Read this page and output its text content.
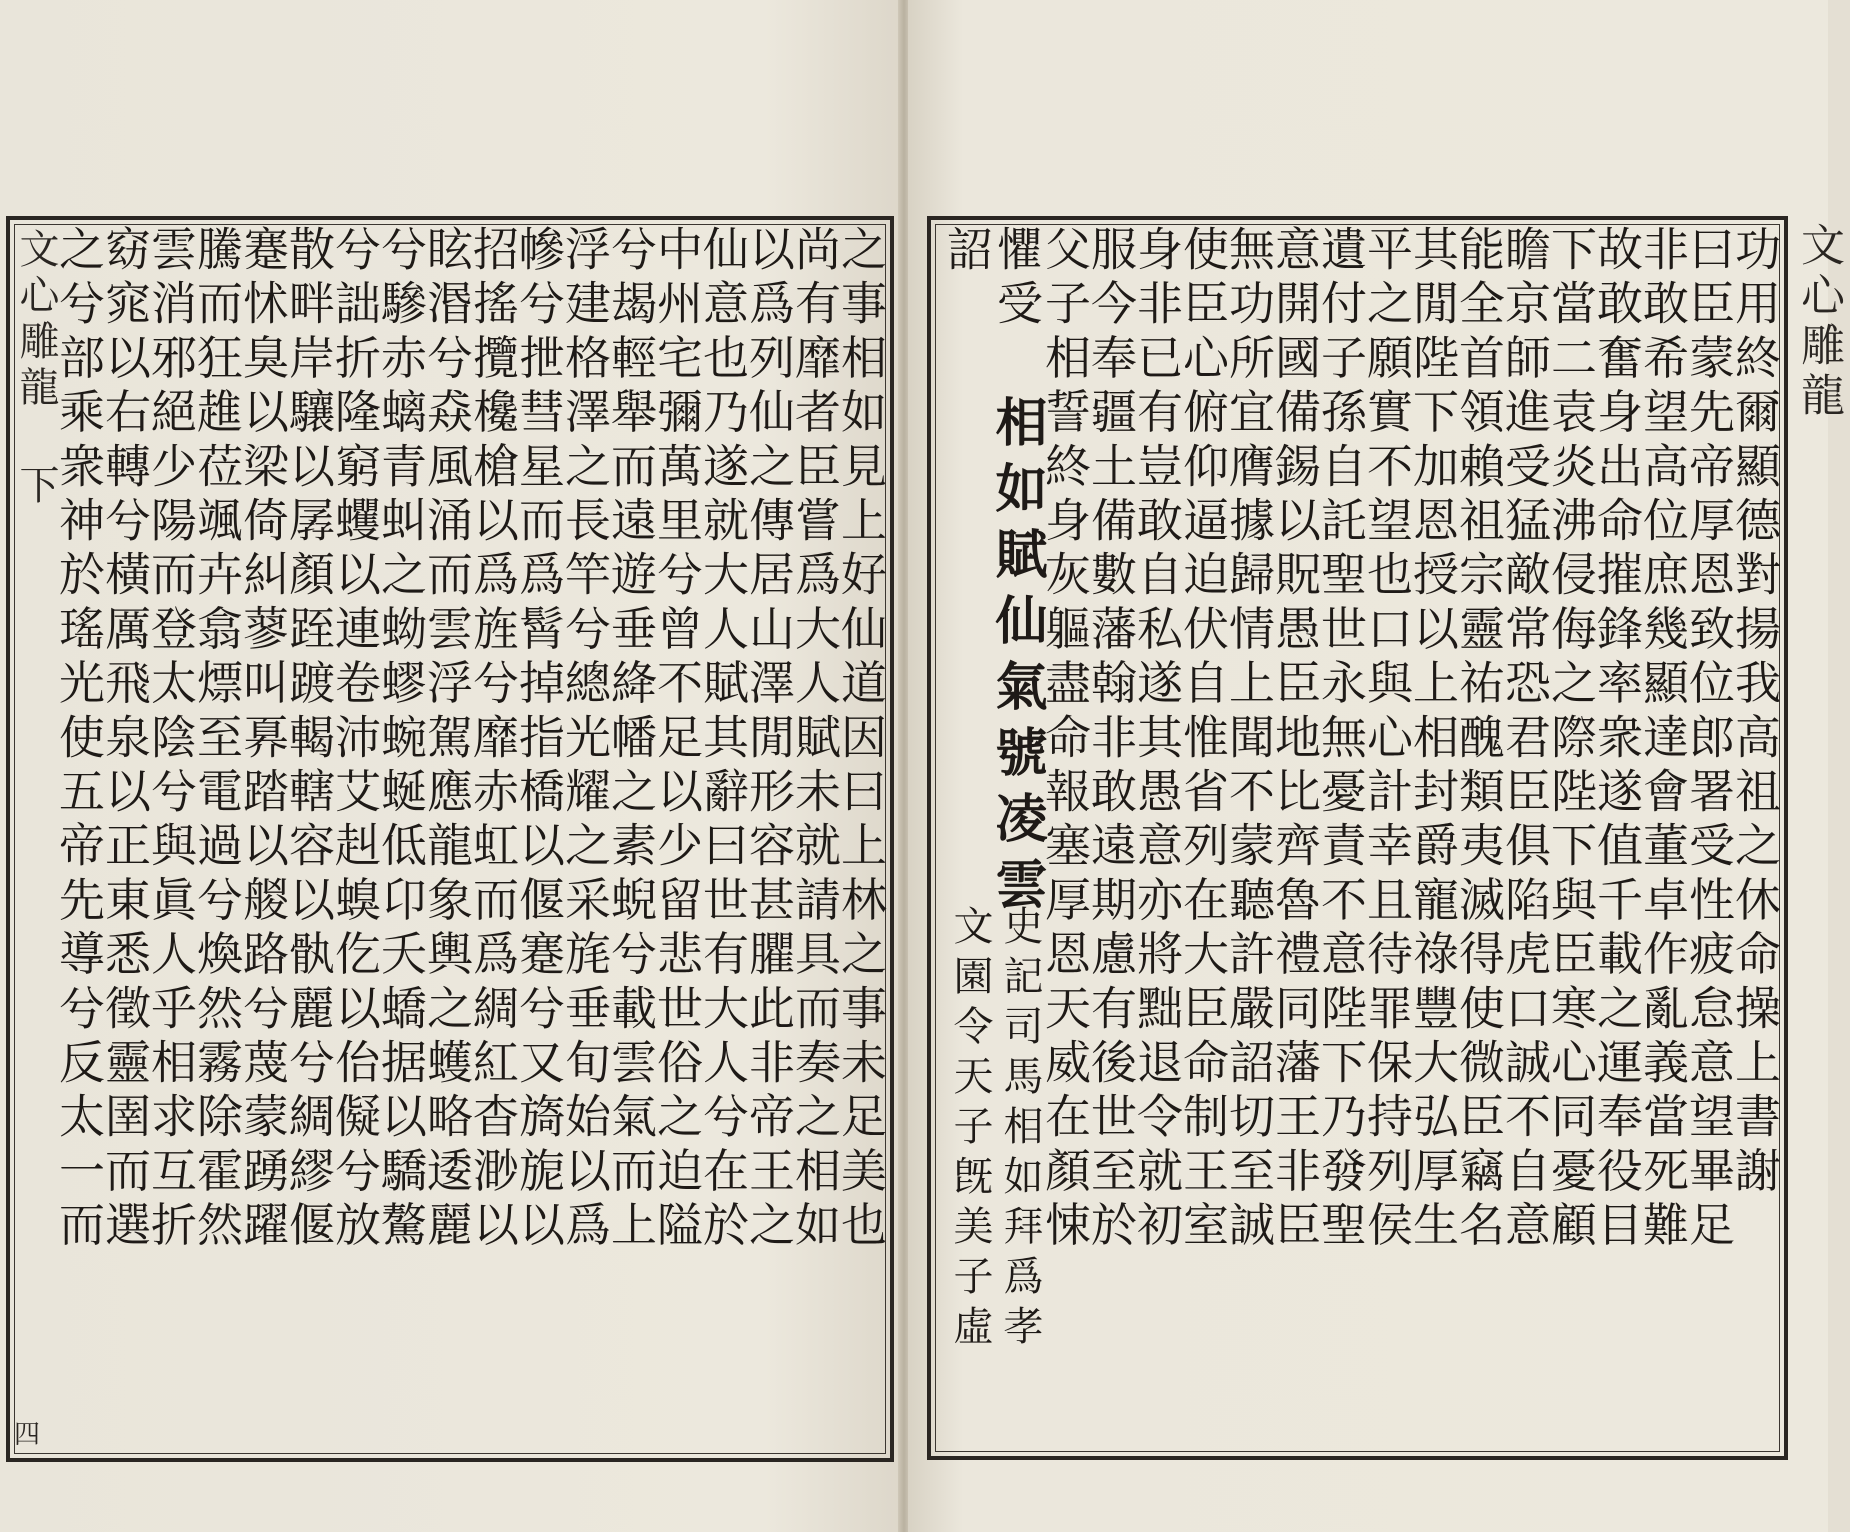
之事相如見上好仙道因曰上林之事未足美也
尚有靡者臣嘗爲大人賦未就請具而奏之相如
以爲列仙之傳居山澤閒形容甚臞此非帝王之
仙意也乃遂就大人賦其辭曰世有大人兮在於
中州宅彌萬里兮曾不足以少留悲世俗之迫隘
兮朅輕舉而遠遊垂絳幡之素蜺兮載雲氣而上
浮建格澤之長竿兮總光耀之采旄垂旬始以爲
幓兮抴彗星而爲髾掉指橋以偃蹇兮又旖旎以
招搖攬欃槍以爲旌兮靡赤虹而爲綢紅杳渺以
眩湣兮猋風涌而雲浮駕應龍象輿之蠖略逶麗
兮驂赤螭青虯之蚴蟉蜿蜒低卬夭蟜据以驕驁
兮詘折隆窮蠼以連卷沛艾赳螑仡以佁儗兮放
散畔岸驤以孱顏跮踱輵轄容以骫麗兮綢繆偃
蹇怵臭以梁倚糾蓼叫奡踏以艐路兮蔑蒙踴躍
騰而狂趡莅颯卉翕熛至電過兮煥然霧除霍然
雲消邪絕少陽而登太陰兮與眞人乎相求互折
窈窕以右轉兮橫厲飛泉以正東悉徵靈圉而選
之兮部乘衆神於瑤光使五帝先導兮反太一而
文心雕龍 下
四
文心雕龍
功用終爾顯德對揚我高祖之休命操上書謝
曰臣蒙先帝厚恩致位郎署受性疲怠意望畢足
非敢希望高位庶幾顯達會董卓作亂義當死難
故敢奮身出命摧鋒率衆遂值千載之運奉役目
下當二袁炎沸侵侮之際陛下與臣寒心同憂顧
瞻京師進受猛敵常恐君臣俱陷虎口誠不自意
能全首領賴祖宗靈祐醜類夷滅得使微臣竊名
其閒陛下加恩授以上相封爵寵祿豐大弘厚生
平之願實不望也口與心計幸且待罪保持列侯
遺付子孫自託聖世永無憂責不意陛下乃發聖
意開國備錫以貺愚臣地比齊魯禮同藩王非臣
無功所宜膺據歸情上聞不蒙聽許嚴詔切至誠
使臣心俯仰逼迫伏自惟省列在大臣命制王室
身非已有豈敢自私遂其愚意亦將黜退令就初
服今奉疆土備數藩翰非敢遠期慮有後世至於
父子相誓終身灰軀盡命報塞厚恩天威在顏悚
懼受
相如賦仙氣號凌雲
史記司馬相如拜爲孝
詔
文園令天子旣美子虛
